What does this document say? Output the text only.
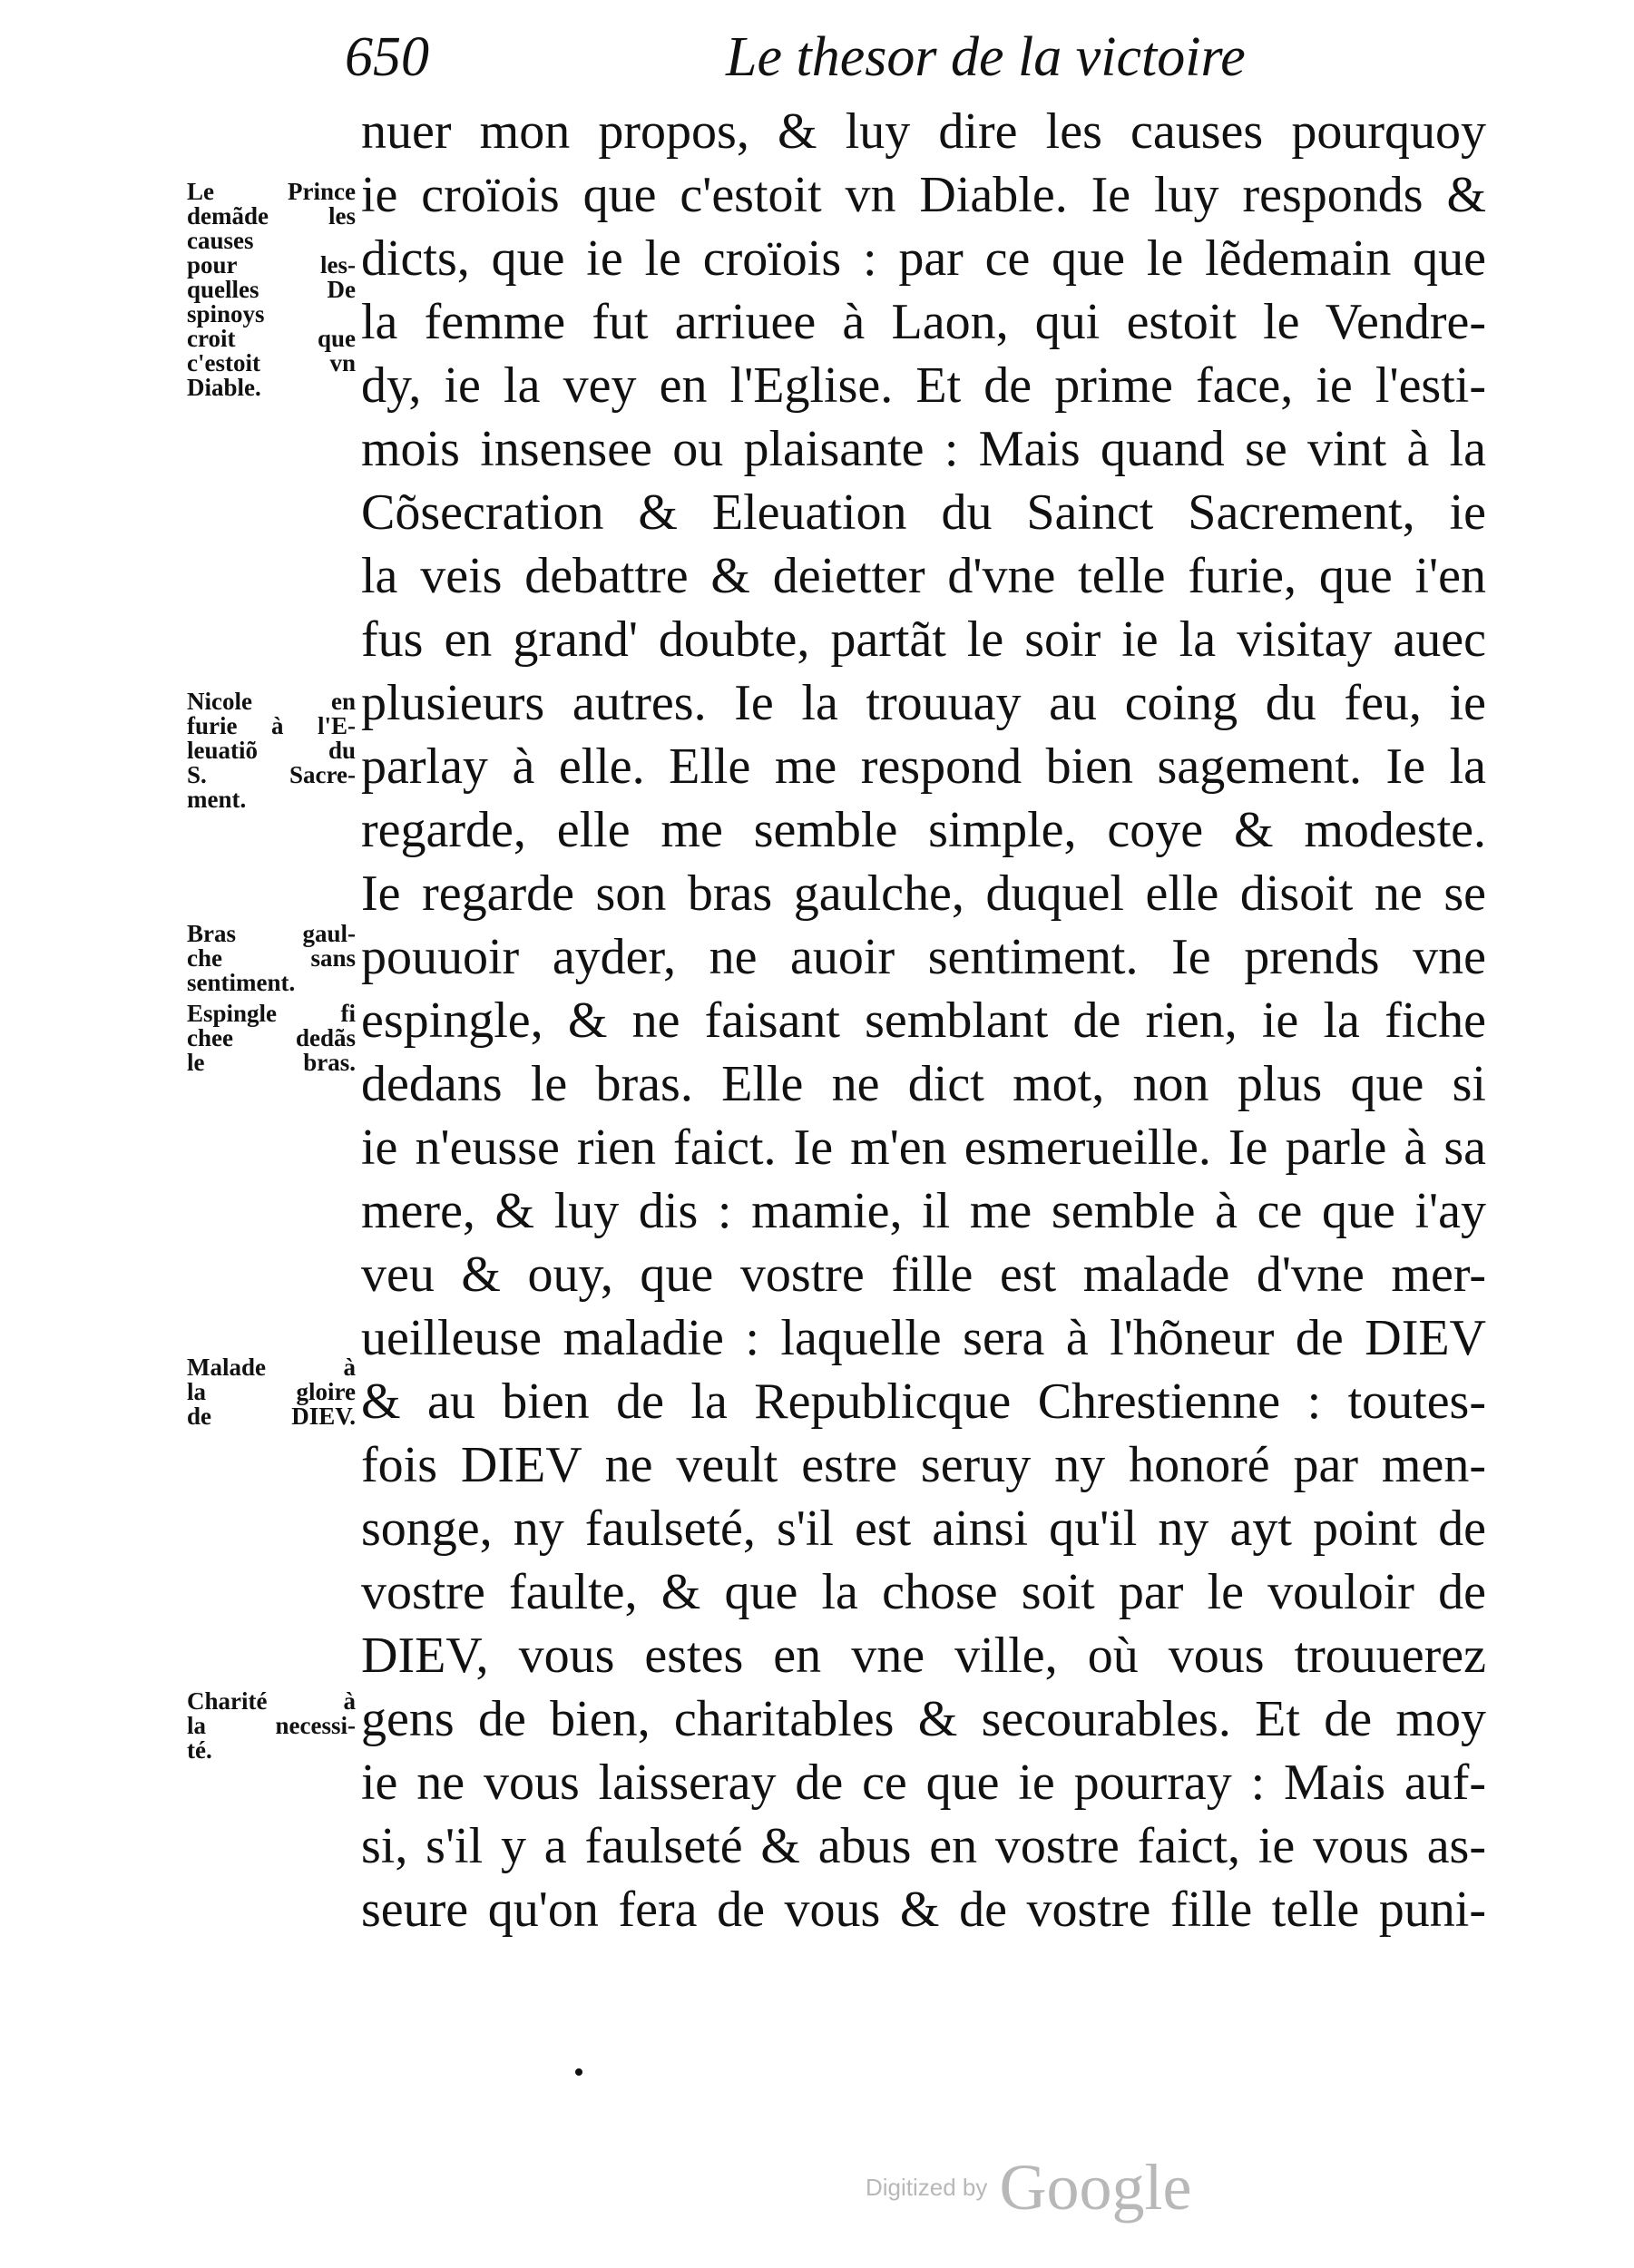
650	Le thesor de la victoire
nuer mon propos, & luy dire les causes pourquoy
ie croïois que c'estoit vn Diable. Ie luy responds &
dicts, que ie le croïois : par ce que le lẽdemain que
la femme fut arriuee à Laon, qui estoit le Vendre-
dy, ie la vey en l'Eglise. Et de prime face, ie l'esti-
mois insensee ou plaisante : Mais quand se vint à la
Cõsecration & Eleuation du Sainct Sacrement, ie
la veis debattre & deietter d'vne telle furie, que i'en
fus en grand' doubte, partãt le soir ie la visitay auec
plusieurs autres. Ie la trouuay au coing du feu, ie
parlay à elle. Elle me respond bien sagement. Ie la
regarde, elle me semble simple, coye & modeste.
Ie regarde son bras gaulche, duquel elle disoit ne se
pouuoir ayder, ne auoir sentiment. Ie prends vne
espingle, & ne faisant semblant de rien, ie la fiche
dedans le bras. Elle ne dict mot, non plus que si
ie n'eusse rien faict. Ie m'en esmerueille. Ie parle à sa
mere, & luy dis : mamie, il me semble à ce que i'ay
veu & ouy, que vostre fille est malade d'vne mer-
ueilleuse maladie : laquelle sera à l'hõneur de DIEV
& au bien de la Republicque Chrestienne : toutes-
fois DIEV ne veult estre seruy ny honoré par men-
songe, ny faulseté, s'il est ainsi qu'il ny ayt point de
vostre faulte, & que la chose soit par le vouloir de
DIEV, vous estes en vne ville, où vous trouuerez
gens de bien, charitables & secourables. Et de moy
ie ne vous laisseray de ce que ie pourray : Mais auf-
si, s'il y a faulseté & abus en vostre faict, ie vous as-
seure qu'on fera de vous & de vostre fille telle puni-
Le Prince
demãde les
causes
pour les-
quelles De
spinoys
croit que
c'estoit vn
Diable.
Nicole en
furie à l'E-
leuatiõ du
S. Sacre-
ment.
Bras gaul-
che sans
sentiment.
Espingle fi
chee dedãs
le bras.
Malade à
la gloire
de DIEV.
Charité à
la necessi-
té.
Digitized by Google
